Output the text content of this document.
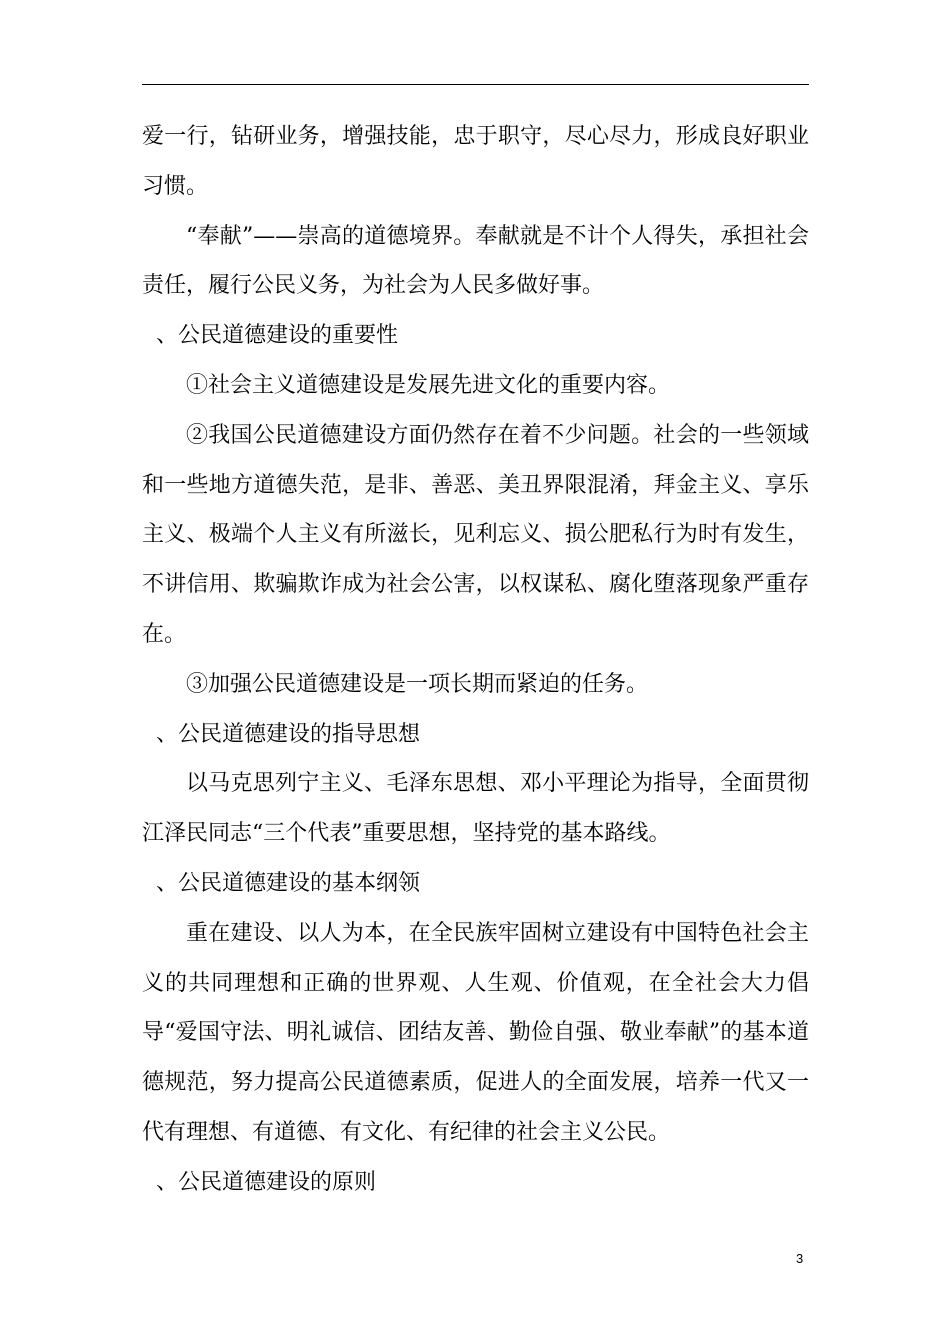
爱一行，钻研业务，增强技能，忠于职守，尽心尽力，形成良好职业习惯。

“奉献”——崇高的道德境界。奉献就是不计个人得失，承担社会责任，履行公民义务，为社会为人民多做好事。

、公民道德建设的重要性

①社会主义道德建设是发展先进文化的重要内容。

②我国公民道德建设方面仍然存在着不少问题。社会的一些领域和一些地方道德失范，是非、善恶、美丑界限混淆，拜金主义、享乐主义、极端个人主义有所滋长，见利忘义、损公肥私行为时有发生，不讲信用、欺骗欺诈成为社会公害，以权谋私、腐化堕落现象严重存在。

③加强公民道德建设是一项长期而紧迫的任务。

、公民道德建设的指导思想

以马克思列宁主义、毛泽东思想、邓小平理论为指导，全面贯彻江泽民同志“三个代表”重要思想，坚持党的基本路线。

、公民道德建设的基本纲领

重在建设、以人为本，在全民族牢固树立建设有中国特色社会主义的共同理想和正确的世界观、人生观、价值观，在全社会大力倡导“爱国守法、明礼诚信、团结友善、勤俭自强、敬业奉献”的基本道德规范，努力提高公民道德素质，促进人的全面发展，培养一代又一代有理想、有道德、有文化、有纪律的社会主义公民。

、公民道德建设的原则

3
